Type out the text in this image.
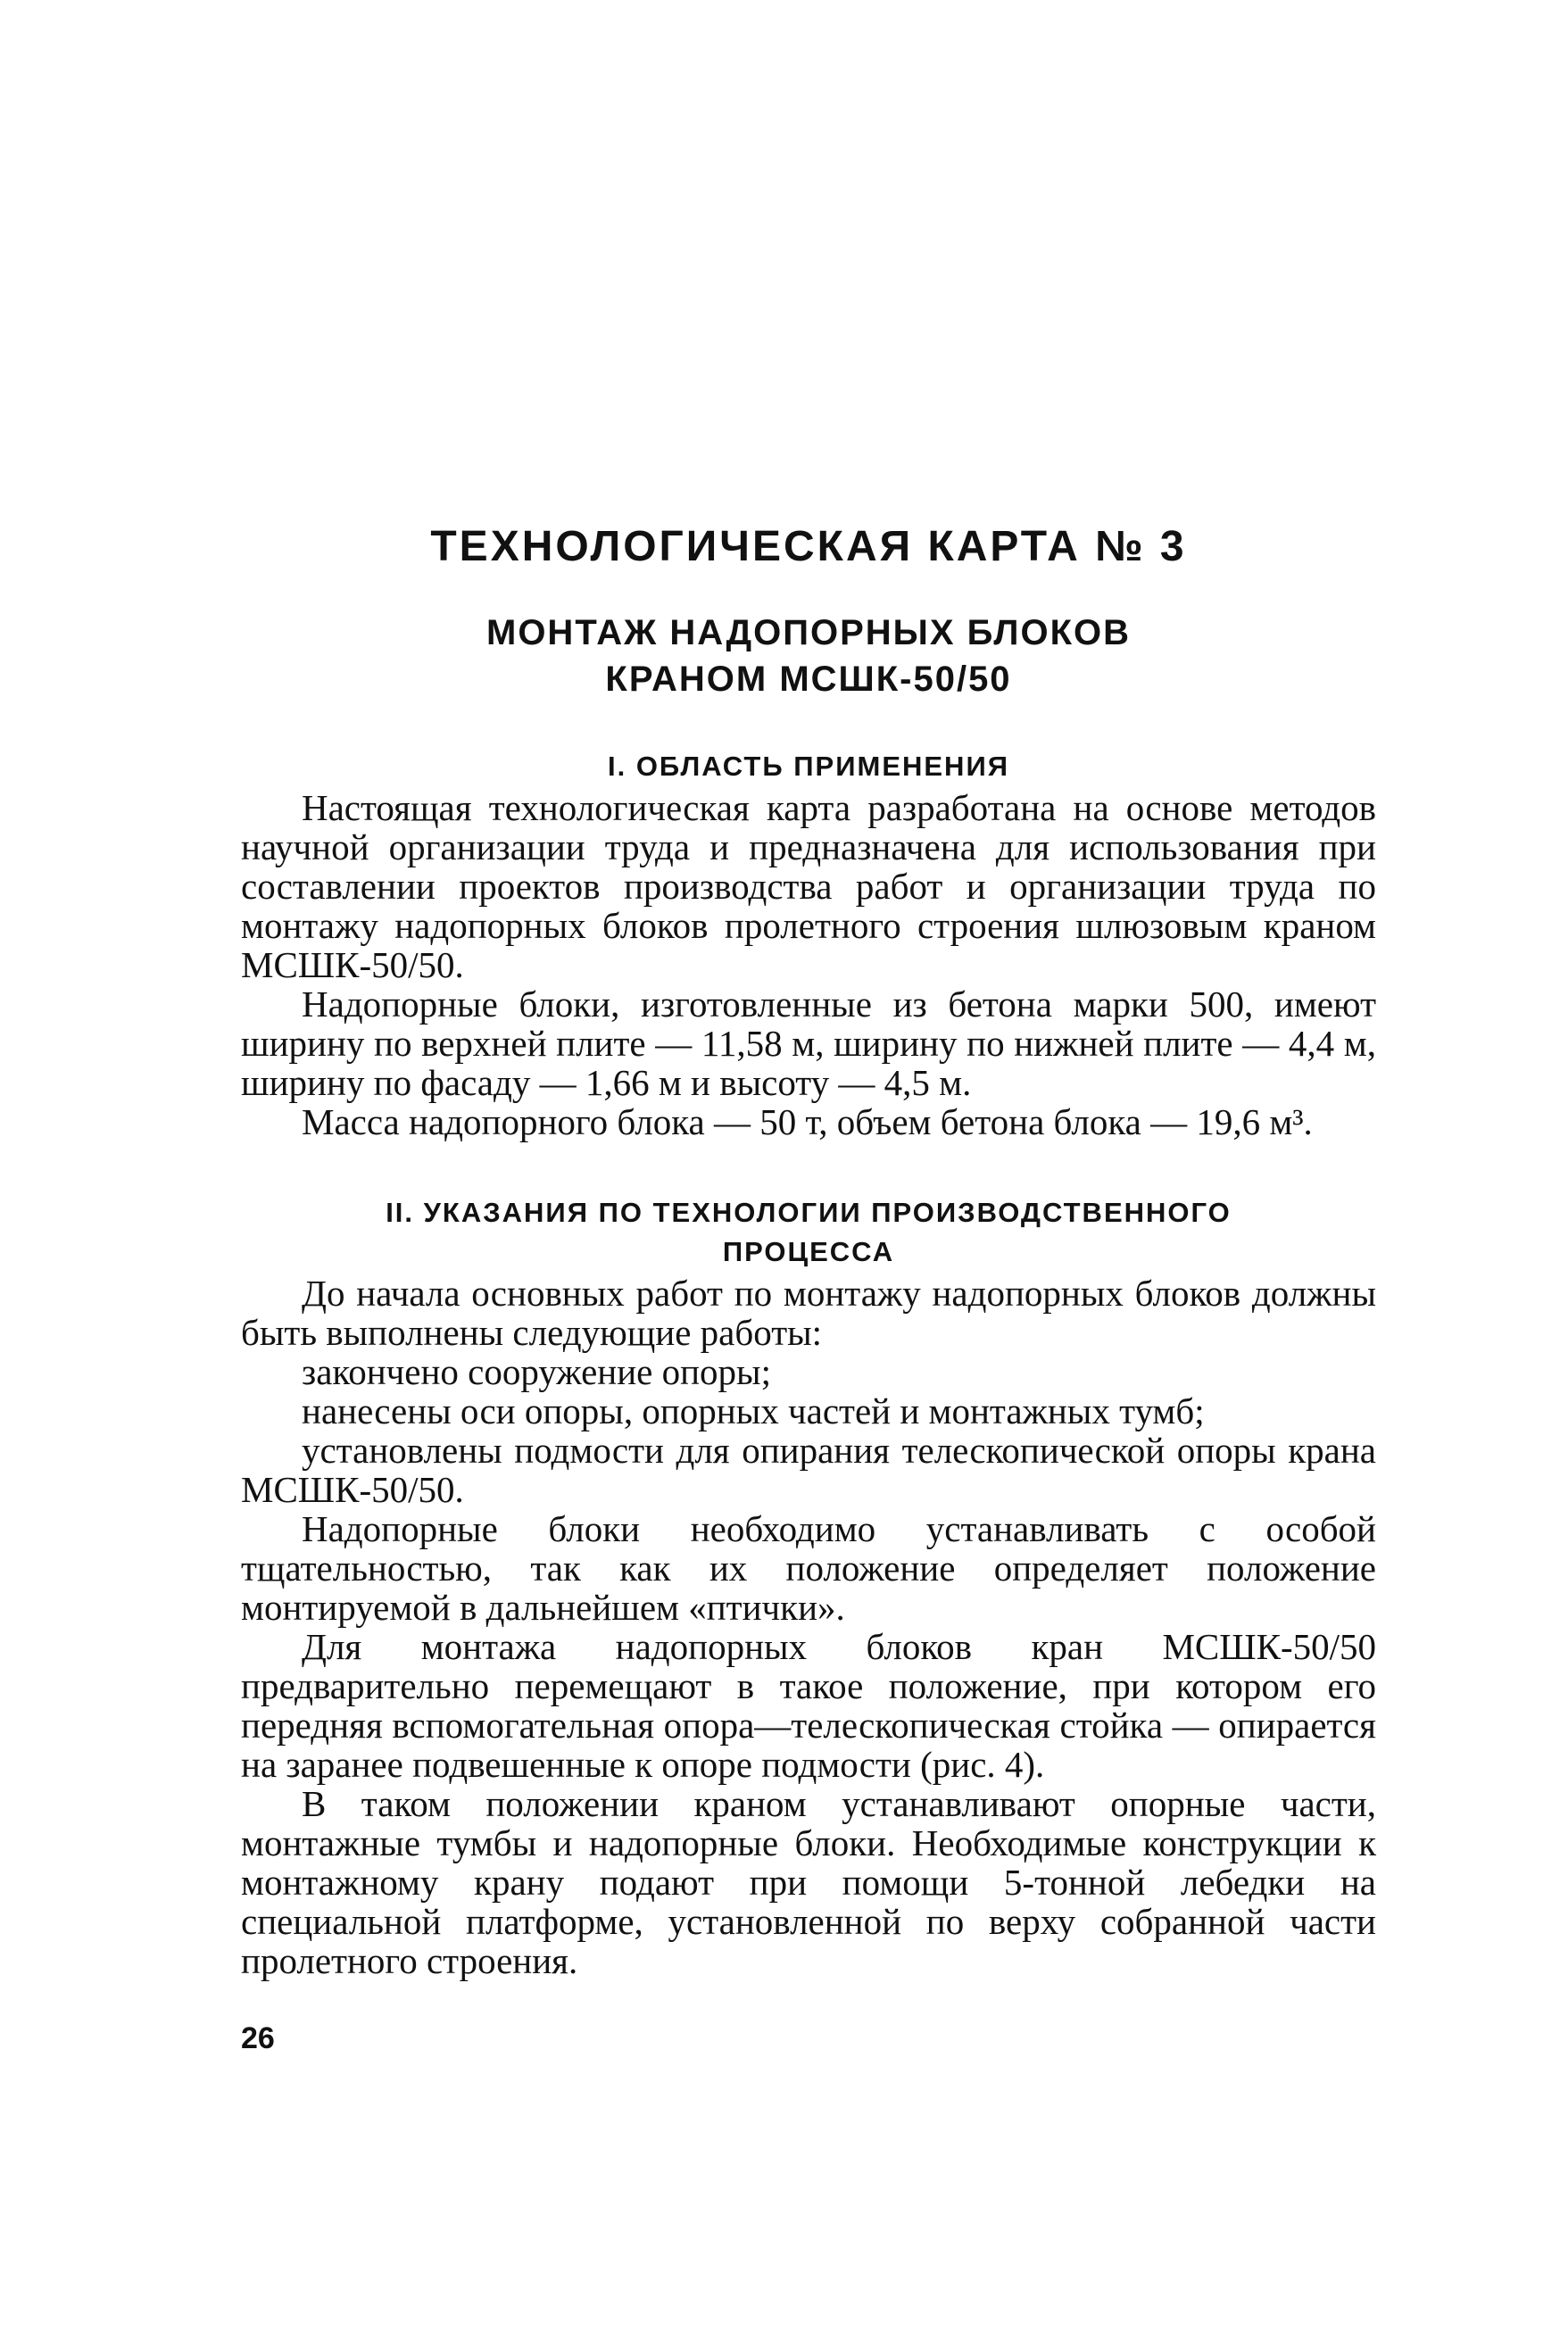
ТЕХНОЛОГИЧЕСКАЯ КАРТА № 3
МОНТАЖ НАДОПОРНЫХ БЛОКОВ
КРАНОМ МСШК-50/50
I. ОБЛАСТЬ ПРИМЕНЕНИЯ

Настоящая технологическая карта разработана на основе методов научной организации труда и предназначена для использования при составлении проектов производства работ и организации труда по монтажу надопорных блоков пролетного строения шлюзовым краном МСШК-50/50.

Надопорные блоки, изготовленные из бетона марки 500, имеют ширину по верхней плите — 11,58 м, ширину по нижней плите — 4,4 м, ширину по фасаду — 1,66 м и высоту — 4,5 м.

Масса надопорного блока — 50 т, объем бетона блока — 19,6 м³.

II. УКАЗАНИЯ ПО ТЕХНОЛОГИИ ПРОИЗВОДСТВЕННОГО
ПРОЦЕССА

До начала основных работ по монтажу надопорных блоков должны быть выполнены следующие работы:

закончено сооружение опоры;

нанесены оси опоры, опорных частей и монтажных тумб;

установлены подмости для опирания телескопической опоры крана МСШК-50/50.

Надопорные блоки необходимо устанавливать с особой тщательностью, так как их положение определяет положение монтируемой в дальнейшем «птички».

Для монтажа надопорных блоков кран МСШК-50/50 предварительно перемещают в такое положение, при котором его передняя вспомогательная опора—телескопическая стойка — опирается на заранее подвешенные к опоре подмости (рис. 4).

В таком положении краном устанавливают опорные части, монтажные тумбы и надопорные блоки. Необходимые конструкции к монтажному крану подают при помощи 5-тонной лебедки на специальной платформе, установленной по верху собранной части пролетного строения.

26
